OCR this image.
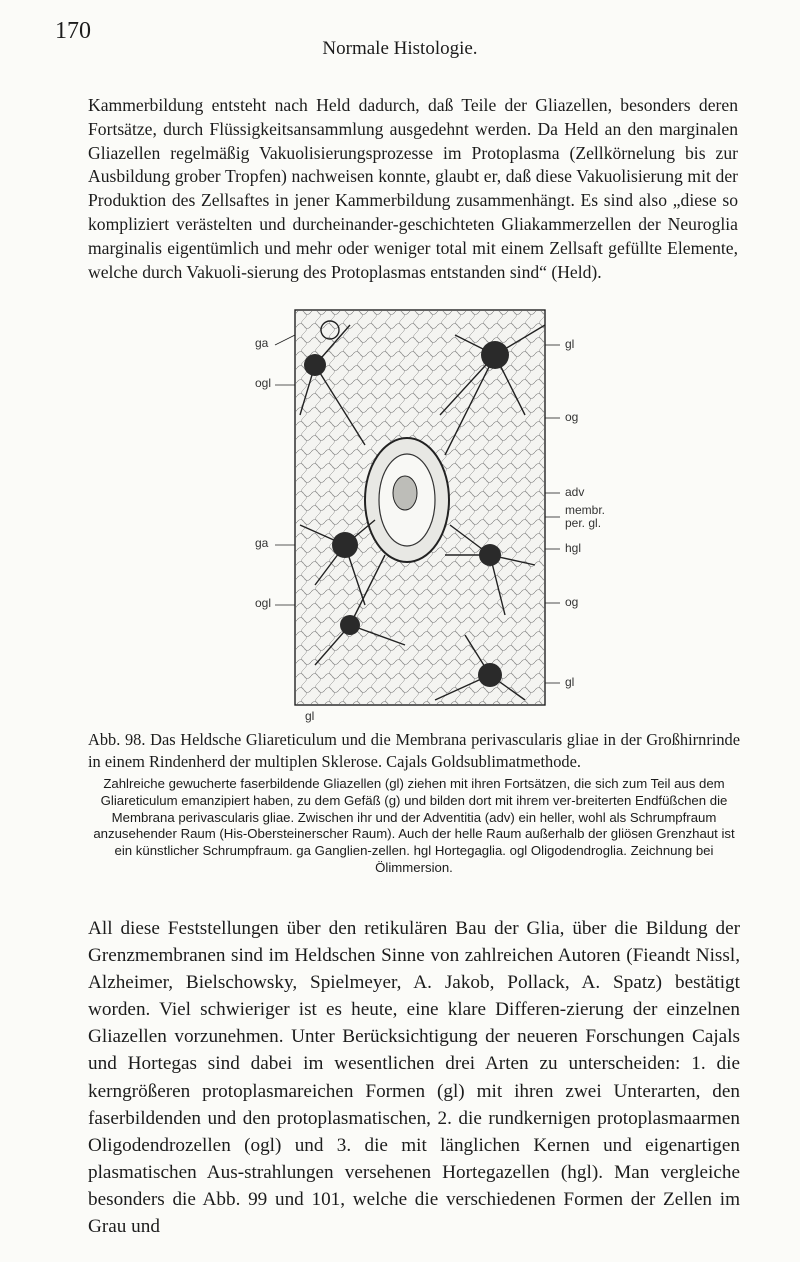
170
Normale Histologie.

Kammerbildung entsteht nach Held dadurch, daß Teile der Gliazellen, besonders deren Fortsätze, durch Flüssigkeitsansammlung ausgedehnt werden. Da Held an den marginalen Gliazellen regelmäßig Vakuolisierungsprozesse im Protoplasma (Zellkörnelung bis zur Ausbildung grober Tropfen) nachweisen konnte, glaubt er, daß diese Vakuolisierung mit der Produktion des Zellsaftes in jener Kammerbildung zusammenhängt. Es sind also „diese so kompliziert verästelten und durcheinander-geschichteten Gliakammerzellen der Neuroglia marginalis eigentümlich und mehr oder weniger total mit einem Zellsaft gefüllte Elemente, welche durch Vakuoli-sierung des Protoplasmas entstanden sind“ (Held).

ga
ogl
ga
ogl
gl
og
adv
membr.
per. gl.
hgl
og
gl
gl

Abb. 98. Das Heldsche Gliareticulum und die Membrana perivascularis gliae in der Großhirnrinde in einem Rindenherd der multiplen Sklerose. Cajals Goldsublimatmethode.

Zahlreiche gewucherte faserbildende Gliazellen (gl) ziehen mit ihren Fortsätzen, die sich zum Teil aus dem Gliareticulum emanzipiert haben, zu dem Gefäß (g) und bilden dort mit ihrem ver-breiterten Endfüßchen die Membrana perivascularis gliae. Zwischen ihr und der Adventitia (adv) ein heller, wohl als Schrumpfraum anzusehender Raum (His-Obersteinerscher Raum). Auch der helle Raum außerhalb der gliösen Grenzhaut ist ein künstlicher Schrumpfraum. ga Ganglien-zellen. hgl Hortegaglia. ogl Oligodendroglia. Zeichnung bei Ölimmersion.

All diese Feststellungen über den retikulären Bau der Glia, über die Bildung der Grenzmembranen sind im Heldschen Sinne von zahlreichen Autoren (Fieandt Nissl, Alzheimer, Bielschowsky, Spielmeyer, A. Jakob, Pollack, A. Spatz) bestätigt worden. Viel schwieriger ist es heute, eine klare Differen-zierung der einzelnen Gliazellen vorzunehmen. Unter Berücksichtigung der neueren Forschungen Cajals und Hortegas sind dabei im wesentlichen drei Arten zu unterscheiden: 1. die kerngrößeren protoplasmareichen Formen (gl) mit ihren zwei Unterarten, den faserbildenden und den protoplasmatischen, 2. die rundkernigen protoplasmaarmen Oligodendrozellen (ogl) und 3. die mit länglichen Kernen und eigenartigen plasmatischen Aus-strahlungen versehenen Hortegazellen (hgl). Man vergleiche besonders die Abb. 99 und 101, welche die verschiedenen Formen der Zellen im Grau und
